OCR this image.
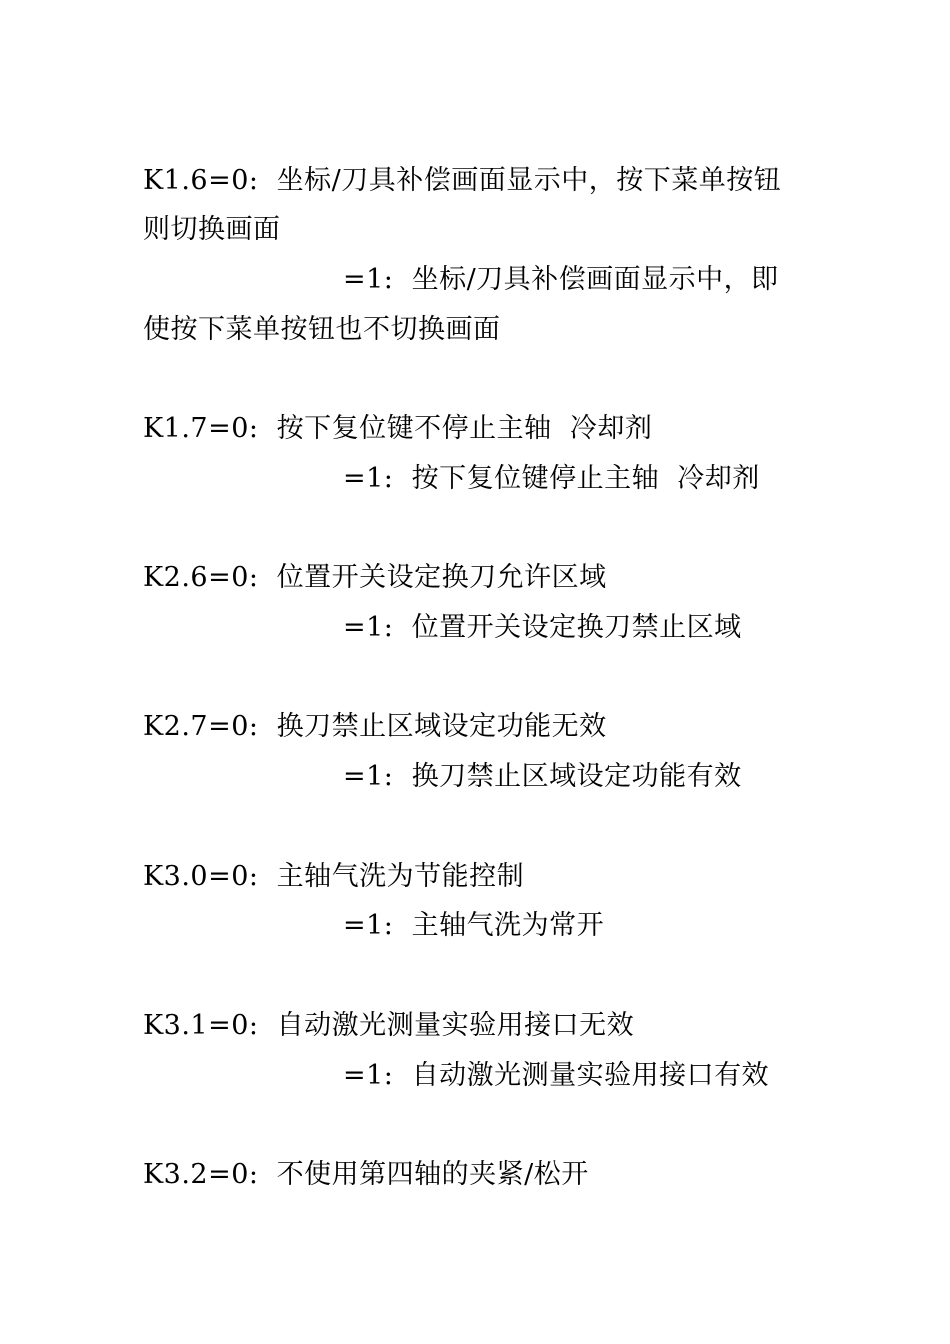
K1.6=0:  坐标/刀具补偿画面显示中，按下菜单按钮
则切换画面
=1:  坐标/刀具补偿画面显示中，即
使按下菜单按钮也不切换画面
K1.7=0:  按下复位键不停止主轴  冷却剂
=1:  按下复位键停止主轴  冷却剂
K2.6=0:  位置开关设定换刀允许区域
=1:  位置开关设定换刀禁止区域
K2.7=0:  换刀禁止区域设定功能无效
=1:  换刀禁止区域设定功能有效
K3.0=0:  主轴气洗为节能控制
=1:  主轴气洗为常开
K3.1=0:  自动激光测量实验用接口无效
=1:  自动激光测量实验用接口有效
K3.2=0:  不使用第四轴的夹紧/松开
